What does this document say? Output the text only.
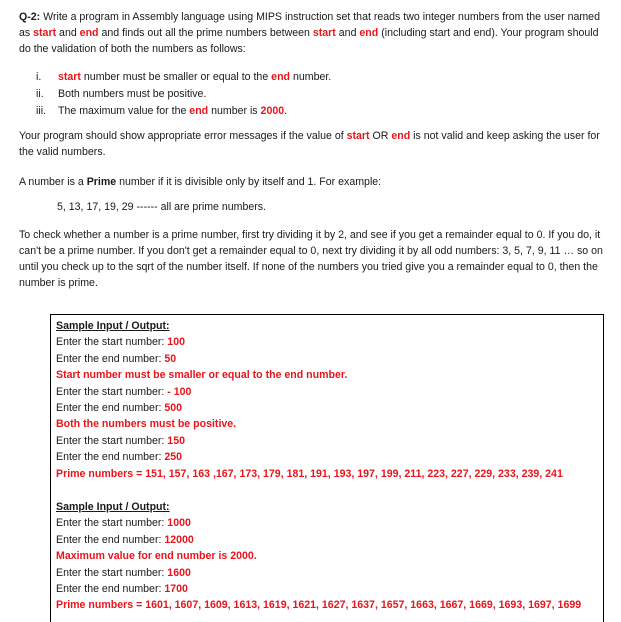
Q-2: Write a program in Assembly language using MIPS instruction set that reads two integer numbers from the user named as start and end and finds out all the prime numbers between start and end (including start and end). Your program should do the validation of both the numbers as follows:

i.	start number must be smaller or equal to the end number.
ii.	Both numbers must be positive.
iii.	The maximum value for the end number is 2000.

Your program should show appropriate error messages if the value of start OR end is not valid and keep asking the user for the valid numbers.

A number is a Prime number if it is divisible only by itself and 1. For example:

5, 13, 17, 19, 29 ------ all are prime numbers.

To check whether a number is a prime number, first try dividing it by 2, and see if you get a remainder equal to 0. If you do, it can't be a prime number. If you don't get a remainder equal to 0, next try dividing it by all odd numbers: 3, 5, 7, 9, 11 … so on until you check up to the sqrt of the number itself. If none of the numbers you tried give you a remainder equal to 0, then the number is prime.

Sample Input / Output:
Enter the start number: 100
Enter the end number: 50
Start number must be smaller or equal to the end number.
Enter the start number: - 100
Enter the end number: 500
Both the numbers must be positive.
Enter the start number: 150
Enter the end number: 250
Prime numbers = 151, 157, 163 ,167, 173, 179, 181, 191, 193, 197, 199, 211, 223, 227, 229, 233, 239, 241
Sample Input / Output:
Enter the start number: 1000
Enter the end number: 12000
Maximum value for end number is 2000.
Enter the start number: 1600
Enter the end number: 1700
Prime numbers = 1601, 1607, 1609, 1613, 1619, 1621, 1627, 1637, 1657, 1663, 1667, 1669, 1693, 1697, 1699
